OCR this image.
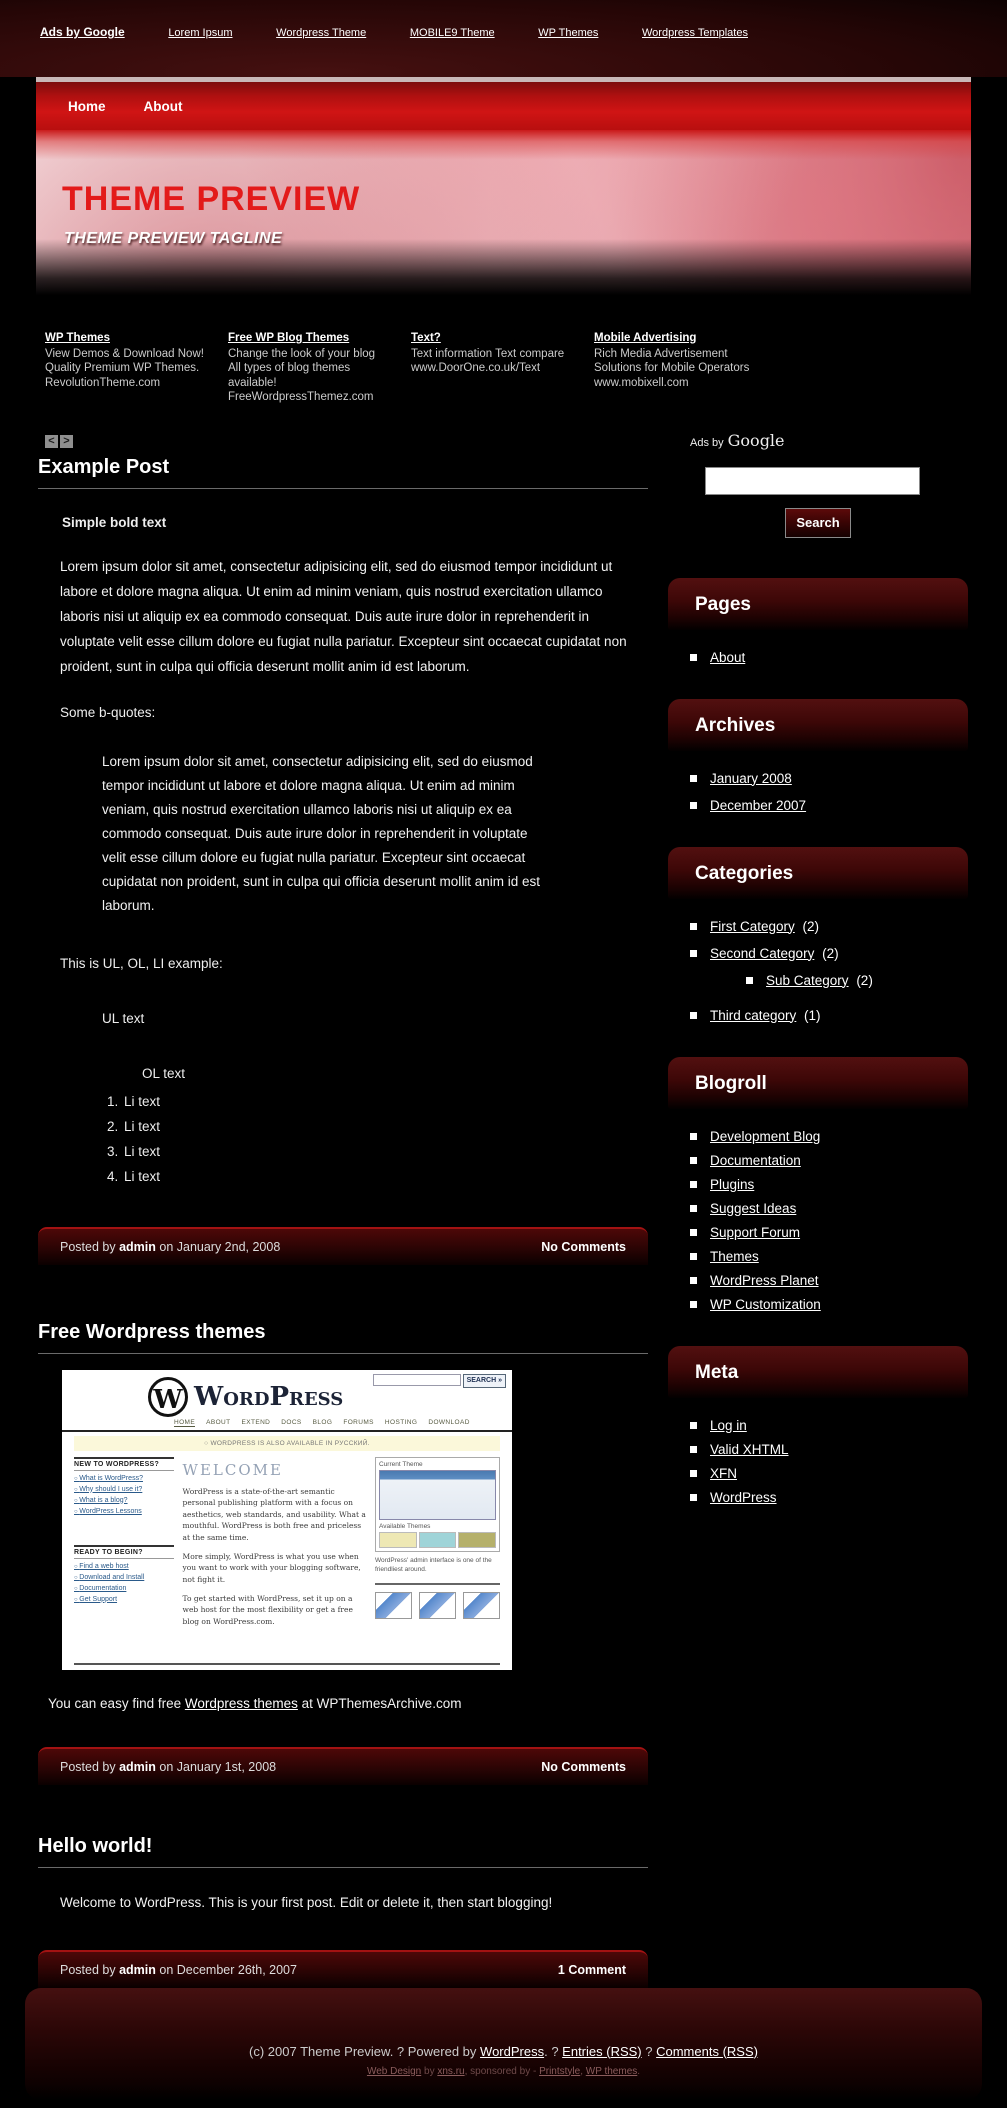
Ads by Google	Lorem Ipsum	Wordpress Theme	MOBILE9 Theme	WP Themes	Wordpress Templates
Home	About
THEME PREVIEW
THEME PREVIEW TAGLINE
WP Themes
View Demos & Download Now!
Quality Premium WP Themes.
RevolutionTheme.com
Free WP Blog Themes
Change the look of your blog
All types of blog themes
available!
FreeWordpressThemez.com
Text?
Text information Text compare
www.DoorOne.co.uk/Text
Mobile Advertising
Rich Media Advertisement
Solutions for Mobile Operators
www.mobixell.com
< >
Example Post
Simple bold text
Lorem ipsum dolor sit amet, consectetur adipisicing elit, sed do eiusmod tempor incididunt ut labore et dolore magna aliqua. Ut enim ad minim veniam, quis nostrud exercitation ullamco laboris nisi ut aliquip ex ea commodo consequat. Duis aute irure dolor in reprehenderit in voluptate velit esse cillum dolore eu fugiat nulla pariatur. Excepteur sint occaecat cupidatat non proident, sunt in culpa qui officia deserunt mollit anim id est laborum.
Some b-quotes:
Lorem ipsum dolor sit amet, consectetur adipisicing elit, sed do eiusmod tempor incididunt ut labore et dolore magna aliqua. Ut enim ad minim veniam, quis nostrud exercitation ullamco laboris nisi ut aliquip ex ea commodo consequat. Duis aute irure dolor in reprehenderit in voluptate velit esse cillum dolore eu fugiat nulla pariatur. Excepteur sint occaecat cupidatat non proident, sunt in culpa qui officia deserunt mollit anim id est laborum.
This is UL, OL, LI example:
UL text
OL text
1. Li text
2. Li text
3. Li text
4. Li text
Posted by admin on January 2nd, 2008	No Comments
Free Wordpress themes
W WordPress
SEARCH »
HOME ABOUT EXTEND DOCS BLOG FORUMS HOSTING DOWNLOAD
○ WORDPRESS IS ALSO AVAILABLE IN РУССКИЙ.
NEW TO WORDPRESS?
○ What is WordPress?
○ Why should I use it?
○ What is a blog?
○ WordPress Lessons
READY TO BEGIN?
○ Find a web host
○ Download and Install
○ Documentation
○ Get Support
WELCOME

WordPress is a state-of-the-art semantic personal publishing platform with a focus on aesthetics, web standards, and usability. What a mouthful. WordPress is both free and priceless at the same time.

More simply, WordPress is what you use when you want to work with your blogging software, not fight it.

To get started with WordPress, set it up on a web host for the most flexibility or get a free blog on WordPress.com.

Current Theme
Available Themes
WordPress' admin interface is one of the friendliest around.
You can easy find free Wordpress themes at WPThemesArchive.com
Posted by admin on January 1st, 2008	No Comments
Hello world!
Welcome to WordPress. This is your first post. Edit or delete it, then start blogging!
Posted by admin on December 26th, 2007	1 Comment
Ads by Google
Search
Pages
About
Archives
January 2008
December 2007
Categories
First Category (2)
Second Category (2)
Sub Category (2)
Third category (1)
Blogroll
Development Blog
Documentation
Plugins
Suggest Ideas
Support Forum
Themes
WordPress Planet
WP Customization
Meta
Log in
Valid XHTML
XFN
WordPress
(c) 2007 Theme Preview. ? Powered by WordPress. ? Entries (RSS) ? Comments (RSS)
Web Design by xns.ru, sponsored by - Printstyle, WP themes.
